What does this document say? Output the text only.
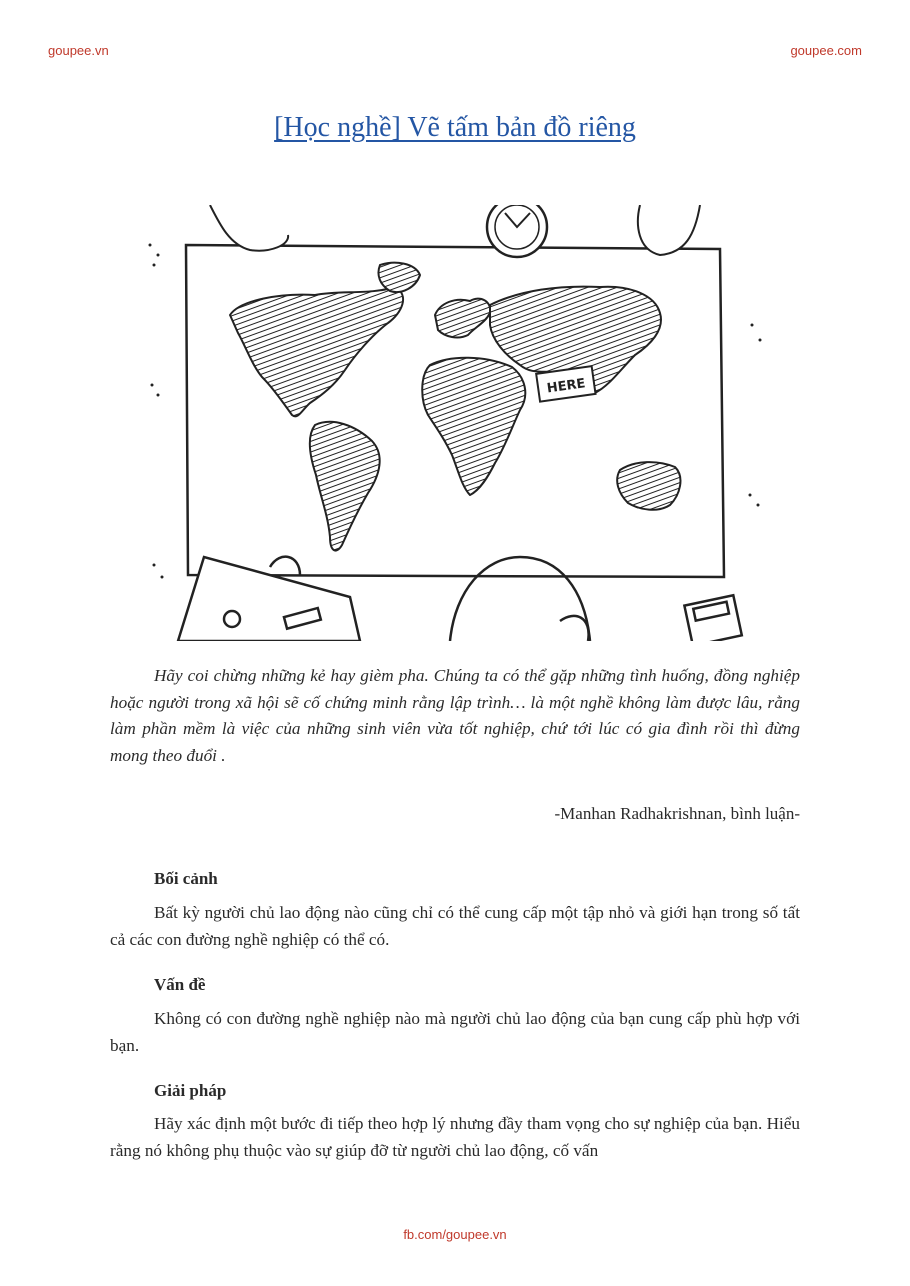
goupee.vn	goupee.com
[Học nghề] Vẽ tấm bản đồ riêng
HERE
Hãy coi chừng những kẻ hay gièm pha. Chúng ta có thể gặp những tình huống, đồng nghiệp hoặc người trong xã hội sẽ cố chứng minh rằng lập trình… là một nghề không làm được lâu, rằng làm phần mềm là việc của những sinh viên vừa tốt nghiệp, chứ tới lúc có gia đình rồi thì đừng mong theo đuổi .
-Manhan Radhakrishnan, bình luận-
Bối cảnh
Bất kỳ người chủ lao động nào cũng chỉ có thể cung cấp một tập nhỏ và giới hạn trong số tất cả các con đường nghề nghiệp có thể có.
Vấn đề
Không có con đường nghề nghiệp nào mà người chủ lao động của bạn cung cấp phù hợp với bạn.
Giải pháp
Hãy xác định một bước đi tiếp theo hợp lý nhưng đầy tham vọng cho sự nghiệp của bạn. Hiểu rằng nó không phụ thuộc vào sự giúp đỡ từ người chủ lao động, cố vấn
fb.com/goupee.vn
